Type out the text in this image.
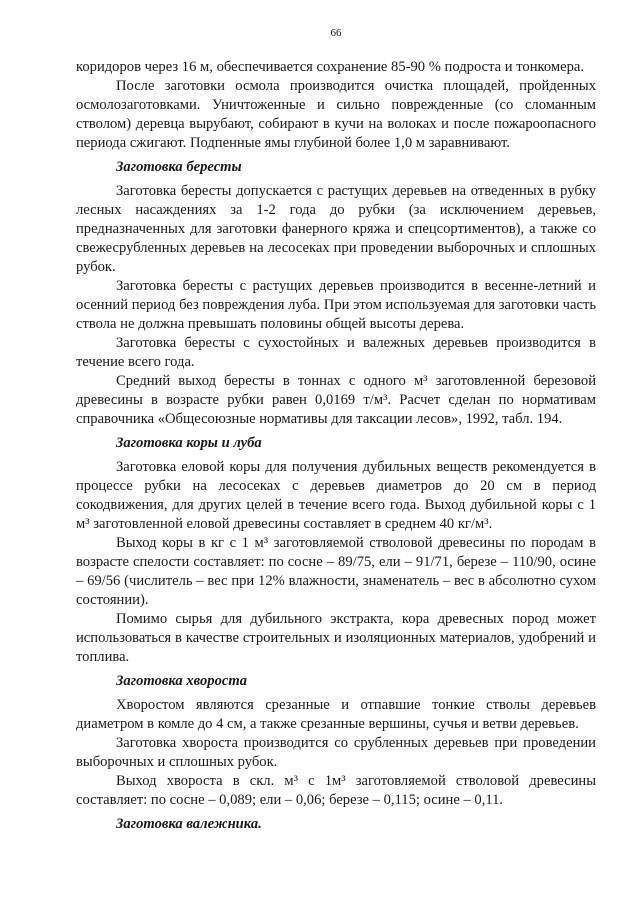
66

коридоров через 16 м, обеспечивается сохранение 85-90 % подроста и тонкомера.

После заготовки осмола производится очистка площадей, пройденных осмолозаготовками. Уничтоженные и сильно поврежденные (со сломанным стволом) деревца вырубают, собирают в кучи на волоках и после пожароопасного периода сжигают. Подпенные ямы глубиной более 1,0 м заравнивают.

Заготовка бересты

Заготовка бересты допускается с растущих деревьев на отведенных в рубку лесных насаждениях за 1-2 года до рубки (за исключением деревьев, предназначенных для заготовки фанерного кряжа и спецсортиментов), а также со свежесрубленных деревьев на лесосеках при проведении выборочных и сплошных рубок.

Заготовка бересты с растущих деревьев производится в весенне-летний и осенний период без повреждения луба. При этом используемая для заготовки часть ствола не должна превышать половины общей высоты дерева.

Заготовка бересты с сухостойных и валежных деревьев производится в течение всего года.

Средний выход бересты в тоннах с одного м³ заготовленной березовой древесины в возрасте рубки равен 0,0169 т/м³. Расчет сделан по нормативам справочника «Общесоюзные нормативы для таксации лесов», 1992, табл. 194.

Заготовка коры и луба

Заготовка еловой коры для получения дубильных веществ рекомендуется в процессе рубки на лесосеках с деревьев диаметров до 20 см в период сокодвижения, для других целей в течение всего года. Выход дубильной коры с 1 м³ заготовленной еловой древесины составляет в среднем 40 кг/м³.

Выход коры в кг с 1 м³ заготовляемой стволовой древесины по породам в возрасте спелости составляет: по сосне – 89/75, ели – 91/71, березе – 110/90, осине – 69/56 (числитель – вес при 12% влажности, знаменатель – вес в абсолютно сухом состоянии).

Помимо сырья для дубильного экстракта, кора древесных пород может использоваться в качестве строительных и изоляционных материалов, удобрений и топлива.

Заготовка хвороста

Хворостом являются срезанные и отпавшие тонкие стволы деревьев диаметром в комле до 4 см, а также срезанные вершины, сучья и ветви деревьев.

Заготовка хвороста производится со срубленных деревьев при проведении выборочных и сплошных рубок.

Выход хвороста в скл. м³ с 1м³ заготовляемой стволовой древесины составляет: по сосне – 0,089; ели – 0,06; березе – 0,115; осине – 0,11.

Заготовка валежника.
